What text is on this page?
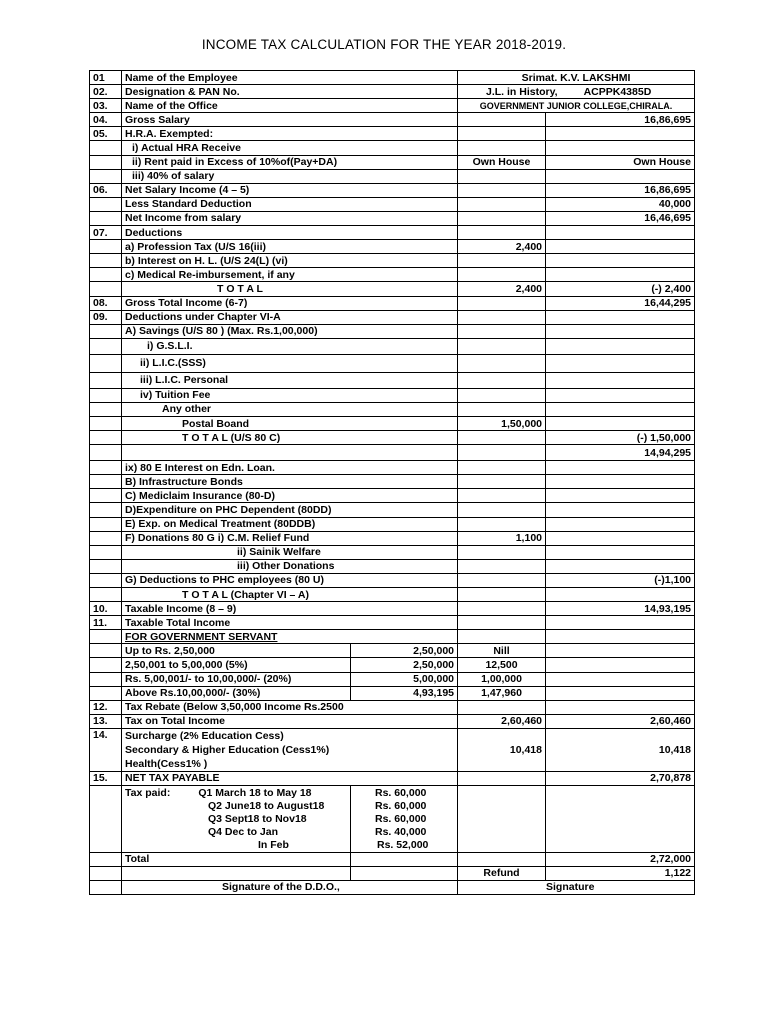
INCOME TAX CALCULATION FOR THE YEAR 2018-2019.
01	Name of the Employee		Srimat. K.V. LAKSHMI	
02.	Designation & PAN No.		J.L. in History, ACPPK4385D	
03.	Name of the Office		GOVERNMENT JUNIOR COLLEGE,CHIRALA.	
04.	Gross Salary			16,86,695
05.	H.R.A. Exempted:			
	i) Actual HRA Receive			
	ii) Rent paid in Excess of 10%of(Pay+DA)		Own House	Own House
	iii) 40% of salary			
06.	Net Salary Income (4 – 5)			16,86,695
	Less Standard Deduction			40,000
	Net Income from salary			16,46,695
07.	Deductions			
	a) Profession Tax (U/S 16(iii)		2,400	
	b) Interest on H. L. (U/S 24(L) (vi)			
	c) Medical Re-imbursement, if any			
	T O T A L		2,400	(-) 2,400
08.	Gross Total Income (6-7)			16,44,295
09.	Deductions under Chapter VI-A			
	A) Savings (U/S 80 ) (Max. Rs.1,00,000)			
	i) G.S.L.I.			
	ii) L.I.C.(SSS)			
	iii) L.I.C. Personal			
	iv) Tuition Fee			
	Any other			
	Postal Boand		1,50,000	
	T O T A L (U/S 80 C)			(-) 1,50,000
				14,94,295
	ix) 80 E Interest on Edn. Loan.			
	B) Infrastructure Bonds			
	C) Mediclaim Insurance (80-D)			
	D)Expenditure on PHC Dependent (80DD)			
	E) Exp. on Medical Treatment (80DDB)			
	F) Donations 80 G i) C.M. Relief Fund		1,100	
	ii) Sainik Welfare			
	iii) Other Donations			
	G) Deductions to PHC employees (80 U)			(-)1,100
	T O T A L (Chapter VI – A)			
10.	Taxable Income (8 – 9)			14,93,195
11.	Taxable Total Income			
	FOR GOVERNMENT SERVANT			
	Up to Rs. 2,50,000	2,50,000	Nill	
	2,50,001 to 5,00,000 (5%)	2,50,000	12,500	
	Rs. 5,00,001/- to 10,00,000/- (20%)	5,00,000	1,00,000	
	Above Rs.10,00,000/- (30%)	4,93,195	1,47,960	
12.	Tax Rebate (Below 3,50,000 Income Rs.2500			
13.	Tax on Total Income		2,60,460	2,60,460
14.	Surcharge (2% Education Cess)
Secondary & Higher Education (Cess1%)
Health(Cess1% )		10,418	10,418
15.	NET TAX PAYABLE			2,70,878
	Tax paid: Q1 March 18 to May 18	Rs. 60,000		
	Q2 June18 to August18	Rs. 60,000		
	Q3 Sept18 to Nov18	Rs. 60,000		
	Q4 Dec to Jan	Rs. 40,000		
	In Feb	Rs. 52,000		
	Total			2,72,000
			Refund	1,122
	Signature of the D.D.O.,		Signature	
